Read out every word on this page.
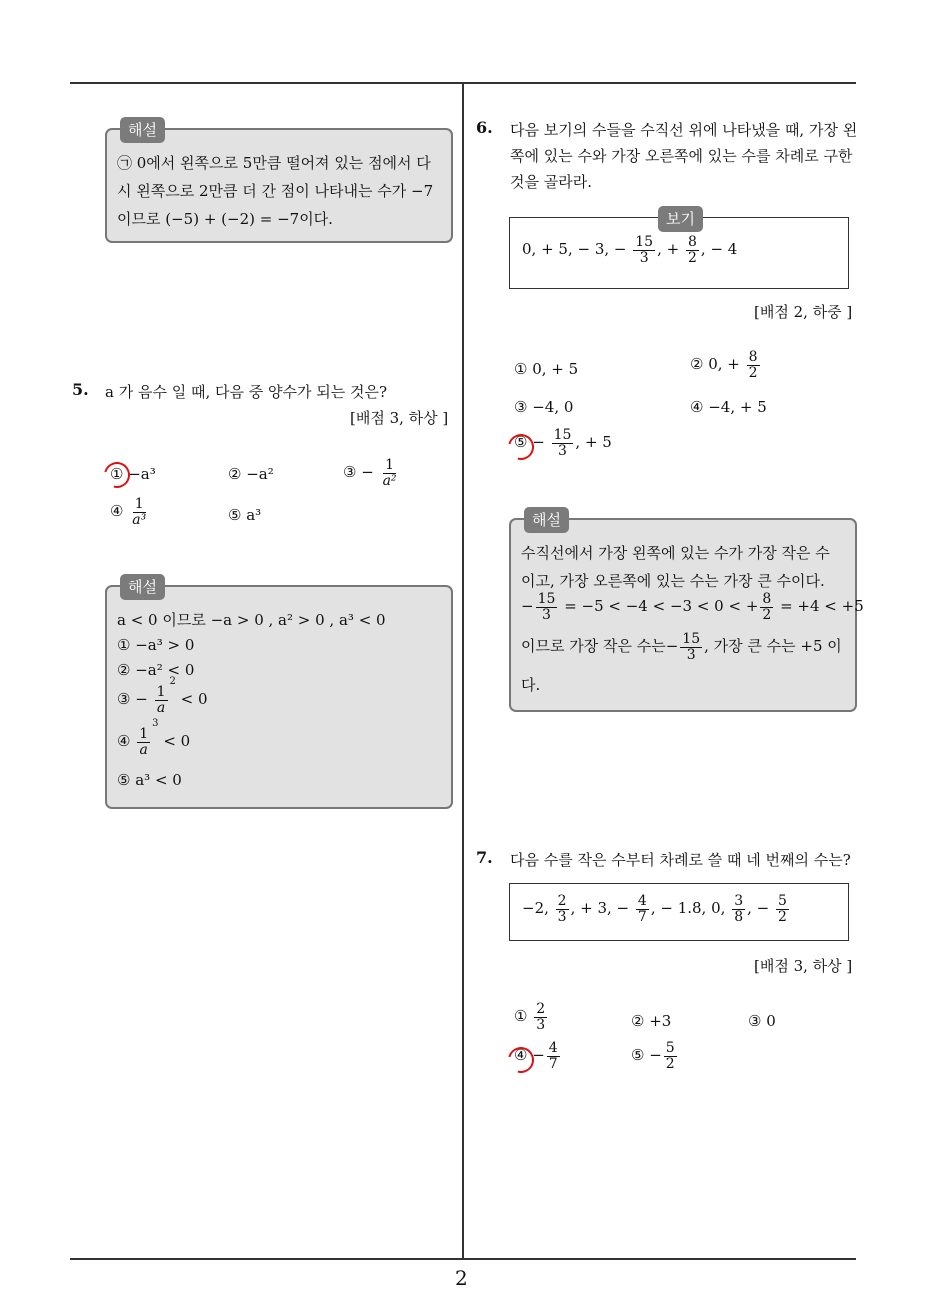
2
㉠ 0에서 왼쪽으로 5만큼 떨어져 있는 점에서 다
시 왼쪽으로 2만큼 더 간 점이 나타내는 수가 −7
이므로 (−5) + (−2) = −7이다.
해설
5. a 가 음수 일 때, 다음 중 양수가 되는 것은?
[배점 3, 하상 ]
① −a³	② −a²	③ − $\frac{1}{\text{a²}}$
④ $\frac{1}{\text{a³}}$	⑤ a³
a < 0 이므로 −a > 0 , a² > 0 , a³ < 0
① −a³ > 0
② −a² < 0
③ − $\frac{1}{a}$
$^2$ < 0
④ $\frac{1}{a}$
$^3$ < 0
⑤ a³ < 0
해설
6. 다음 보기의 수들을 수직선 위에 나타냈을 때, 가장 왼
쪽에 있는 수와 가장 오른쪽에 있는 수를 차례로 구한
것을 골라라.
0, + 5, − 3, − $\frac{15}{3}$ , + $\frac{8}{2}$ , − 4
보기
[배점 2, 하중 ]
① 0, + 5	② 0, + $\frac{8}{2}$
③ −4, 0	④ −4, + 5
⑤ − $\frac{15}{3}$ , + 5
수직선에서 가장 왼쪽에 있는 수가 가장 작은 수
이고, 가장 오른쪽에 있는 수는 가장 큰 수이다.
− $\frac{15}{3} = -5 < -4 < -3 < 0$ < + $\frac{8}{2} = +4 < +5$
이므로 가장 작은 수는− $\frac{15}{3}$ , 가장 큰 수는 +5 이
다.
해설
7. 다음 수를 작은 수부터 차례로 쓸 때 네 번째의 수는?
−2, $\frac{2}{3}$ , + 3, − $\frac{4}{7}$ , − 1.8, 0, $\frac{3}{8}$ , − $\frac{5}{2}$
[배점 3, 하상 ]
① $\frac{2}{3}$	② +3	③ 0
④ − $\frac{4}{7}$	⑤ − $\frac{5}{2}$
